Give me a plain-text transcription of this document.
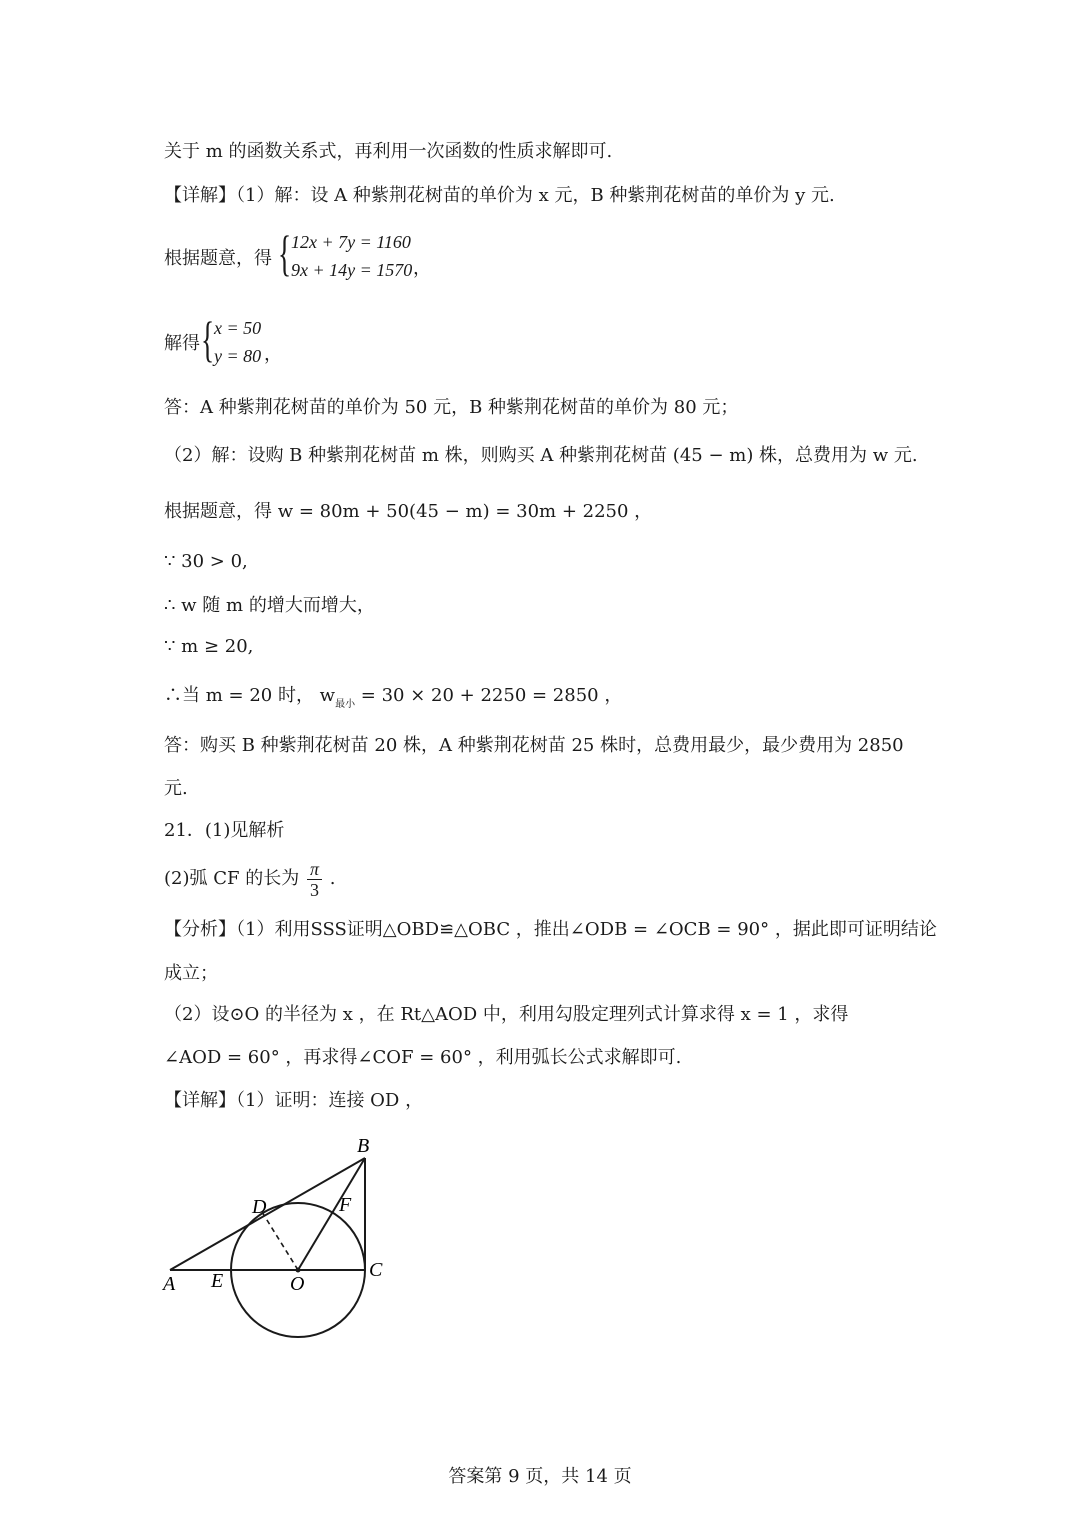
关于 m 的函数关系式，再利用一次函数的性质求解即可.
【详解】（1）解：设 A 种紫荆花树苗的单价为 x 元，B 种紫荆花树苗的单价为 y 元.
根据题意，得 { 12x + 7y = 1160
9x + 14y = 1570 ，
解得 { x = 50
y = 80 ，
答：A 种紫荆花树苗的单价为 50 元，B 种紫荆花树苗的单价为 80 元；
（2）解：设购 B 种紫荆花树苗 m 株，则购买 A 种紫荆花树苗 (45 − m) 株，总费用为 w 元.
根据题意，得 w = 80m + 50(45 − m) = 30m + 2250 ，
∵ 30 > 0,
∴ w 随 m 的增大而增大，
∵ m ≥ 20,
∴当 m = 20 时， $w_{最小} = 30 \times 20 + 2250 = 2850$ ，
答：购买 B 种紫荆花树苗 20 株，A 种紫荆花树苗 25 株时，总费用最少，最少费用为 2850
元.
21．(1)见解析
(2)弧 CF 的长为 $\frac{\pi}{3}$ .
【分析】（1）利用SSS证明△OBD≌△OBC ，推出∠ODB = ∠OCB = 90° ，据此即可证明结论
成立；
（2）设⊙O 的半径为 x ，在 Rt△AOD 中，利用勾股定理列式计算求得 x = 1 ，求得
∠AOD = 60° ，再求得∠COF = 60° ，利用弧长公式求解即可.
【详解】（1）证明：连接 OD ，
A
B
C
D
E
F
O
答案第 9 页，共 14 页
